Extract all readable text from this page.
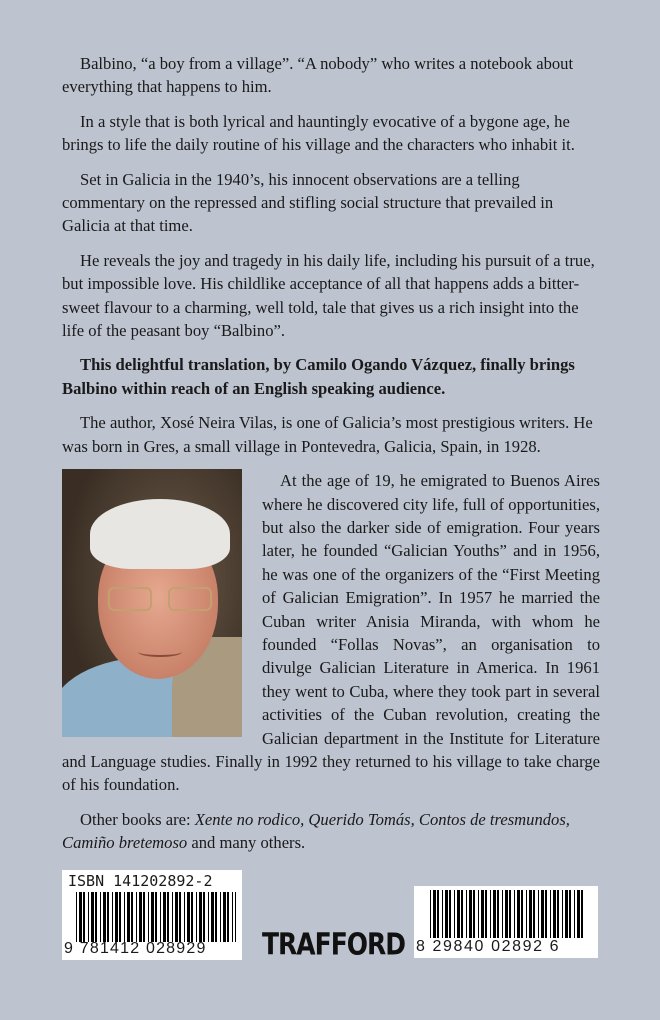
Balbino, “a boy from a village”. “A nobody” who writes a notebook about everything that happens to him.

In a style that is both lyrical and hauntingly evocative of a bygone age, he brings to life the daily routine of his village and the characters who inhabit it.

Set in Galicia in the 1940’s, his innocent observations are a telling commentary on the repressed and stifling social structure that prevailed in Galicia at that time.

He reveals the joy and tragedy in his daily life, including his pursuit of a true, but impossible love. His childlike acceptance of all that happens adds a bitter-sweet flavour to a charming, well told, tale that gives us a rich insight into the life of the peasant boy “Balbino”.

This delightful translation, by Camilo Ogando Vázquez, finally brings Balbino within reach of an English speaking audience.

The author, Xosé Neira Vilas, is one of Galicia’s most prestigious writers. He was born in Gres, a small village in Pontevedra, Galicia, Spain, in 1928.

At the age of 19, he emigrated to Buenos Aires where he discovered city life, full of opportunities, but also the darker side of emigration. Four years later, he founded “Galician Youths” and in 1956, he was one of the organizers of the “First Meeting of Galician Emigration”. In 1957 he married the Cuban writer Anisia Miranda, with whom he founded “Follas Novas”, an organisation to divulge Galician Literature in America. In 1961 they went to Cuba, where they took part in several activities of the Cuban revolution, creating the Galician department in the Institute for Literature and Language studies. Finally in 1992 they returned to his village to take charge of his foundation.

Other books are: Xente no rodico, Querido Tomás, Contos de tresmundos, Camiño bretemoso and many others.

ISBN 141202892-2
9 781412 028929 TRAFFORD 8 29840 02892 6
